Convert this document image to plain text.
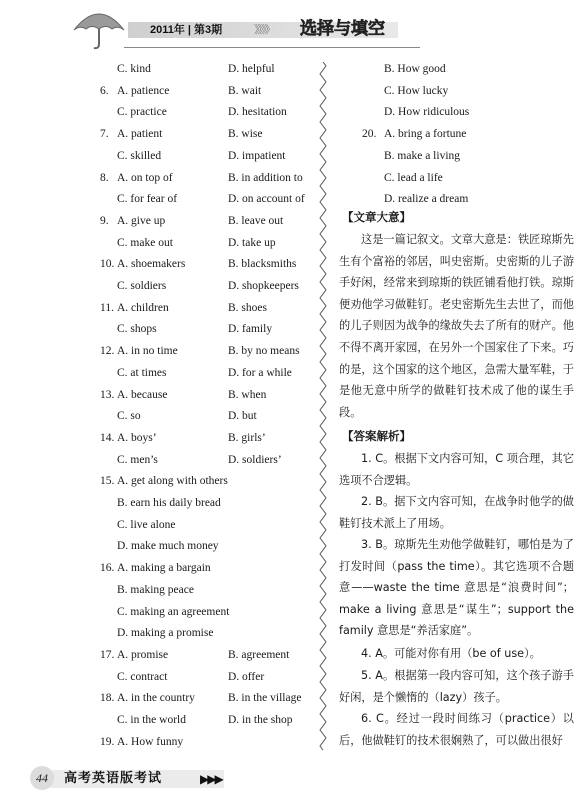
2011年 | 第3期	》》》》 选择与填空
C. kind	D. helpful
6. A. patience	B. wait
C. practice	D. hesitation
7. A. patient	B. wise
C. skilled	D. impatient
8. A. on top of	B. in addition to
C. for fear of	D. on account of
9. A. give up	B. leave out
C. make out	D. take up
10. A. shoemakers	B. blacksmiths
C. soldiers	D. shopkeepers
11. A. children	B. shoes
C. shops	D. family
12. A. in no time	B. by no means
C. at times	D. for a while
13. A. because	B. when
C. so	D. but
14. A. boys’	B. girls’
C. men’s	D. soldiers’
15. A. get along with others
B. earn his daily bread
C. live alone
D. make much money
16. A. making a bargain
B. making peace
C. making an agreement
D. making a promise
17. A. promise	B. agreement
C. contract	D. offer
18. A. in the country	B. in the village
C. in the world	D. in the shop
19. A. How funny
【文章大意】

这是一篇记叙文。文章大意是：铁匠琼斯先生有个富裕的邻居，叫史密斯。史密斯的儿子游手好闲，经常来到琼斯的铁匠铺看他打铁。琼斯便劝他学习做鞋钉。老史密斯先生去世了，而他的儿子则因为战争的缘故失去了所有的财产。他不得不离开家园，在另外一个国家住了下来。巧的是，这个国家的这个地区，急需大量军鞋，于是他无意中所学的做鞋钉技术成了他的谋生手段。

【答案解析】

1. C。根据下文内容可知，C 项合理，其它选项不合逻辑。

2. B。据下文内容可知，在战争时他学的做鞋钉技术派上了用场。

3. B。琼斯先生劝他学做鞋钉，哪怕是为了打发时间（pass the time）。其它选项不合题意——waste the time 意思是“浪费时间”；make a living 意思是“谋生”；support the family 意思是“养活家庭”。

4. A。可能对你有用（be of use）。

5. A。根据第一段内容可知，这个孩子游手好闲，是个懒惰的（lazy）孩子。

6. C。经过一段时间练习（practice）以后，他做鞋钉的技术很娴熟了，可以做出很好

B. How good
C. How lucky
D. How ridiculous
20. A. bring a fortune
B. make a living
C. lead a life
D. realize a dream
44	高考英语版考试	▶▶▶
